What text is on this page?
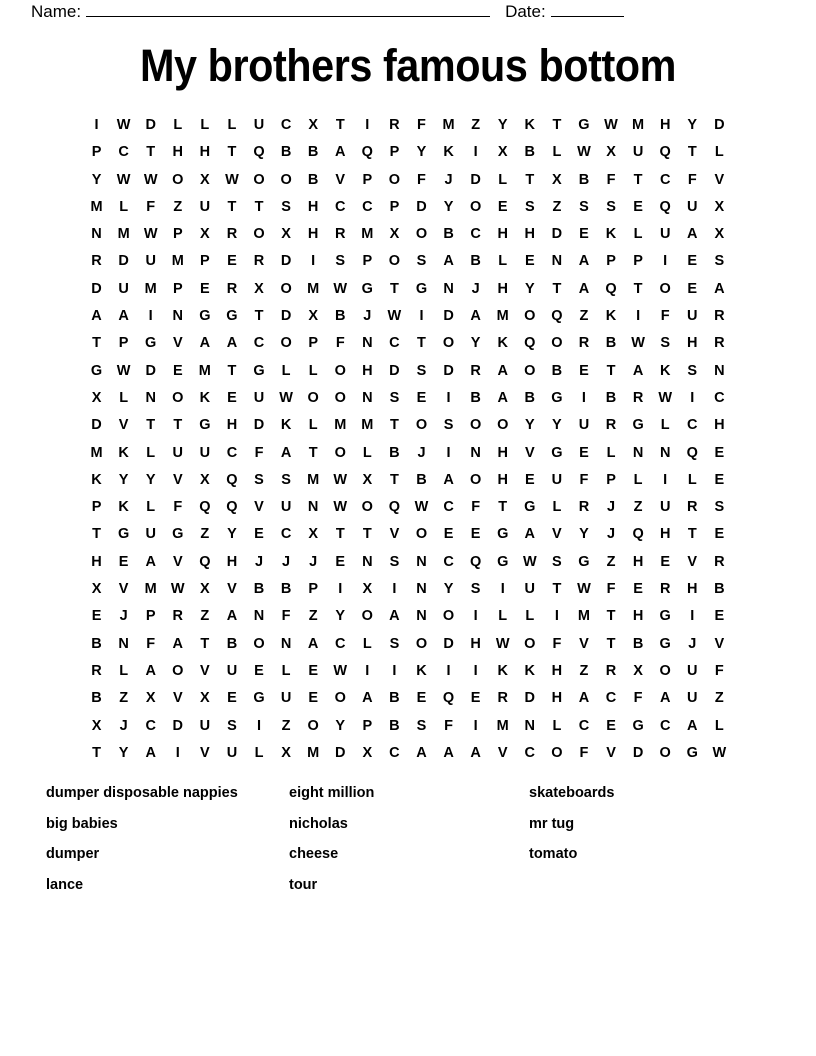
Name:	Date:
My brothers famous bottom
I	W	D	L	L	L	U	C	X	T	I	R	F	M	Z	Y	K	T	G	W M	H	Y	D
P	C	T	H	H	T	Q	B	B	A	Q	P	Y	K	I	X	B	L	W	X	U	Q	T	L
Y	W W	O	X	W	O	O	B	V	P	O	F	J	D	L	T	X	B	F	T	C	F	V
M	L	F	Z	U	T	T	S	H	C	C	P	D	Y	O	E	S	Z	S	S	E	Q	U	X
N	M W	P	X	R	O	X	H	R	M	X	O	B	C	H	H	D	E	K	L	U	A	X
R	D	U	M	P	E	R	D	I	S	P	O	S	A	B	L	E	N	A	P	P	I	E	S
D	U	M	P	E	R	X	O	M W	G	T	G	N	J	H	Y	T	A	Q	T	O	E	A
A	A	I	N	G	G	T	D	X	B	J	W	I	D	A	M	O	Q	Z	K	I	F	U	R
T	P	G	V	A	A	C	O	P	F	N	C	T	O	Y	K	Q	O	R	B	W	S	H	R
G	W	D	E	M	T	G	L	L	O	H	D	S	D	R	A	O	B	E	T	A	K	S	N
X	L	N	O	K	E	U	W	O	O	N	S	E	I	B	A	B	G	I	B	R	W	I	C
D	V	T	T	G	H	D	K	L	M	M	T	O	S	O	O	Y	Y	U	R	G	L	C	H
M	K	L	U	U	C	F	A	T	O	L	B	J	I	N	H	V	G	E	L	N	N	Q	E
K	Y	Y	V	X	Q	S	S	M W	X	T	B	A	O	H	E	U	F	P	L	I	L	E
P	K	L	F	Q	Q	V	U	N	W	O	Q	W	C	F	T	G	L	R	J	Z	U	R	S
T	G	U	G	Z	Y	E	C	X	T	T	V	O	E	E	G	A	V	Y	J	Q	H	T	E
H	E	A	V	Q	H	J	J	J	E	N	S	N	C	Q	G	W	S	G	Z	H	E	V	R
X	V	M W	X	V	B	B	P	I	X	I	N	Y	S	I	U	T	W	F	E	R	H	B
E	J	P	R	Z	A	N	F	Z	Y	O	A	N	O	I	L	L	I	M	T	H	G	I	E
B	N	F	A	T	B	O	N	A	C	L	S	O	D	H	W	O	F	V	T	B	G	J	V
R	L	A	O	V	U	E	L	E	W	I	I	K	I	I	K	K	H	Z	R	X	O	U	F
B	Z	X	V	X	E	G	U	E	O	A	B	E	Q	E	R	D	H	A	C	F	A	U	Z
X	J	C	D	U	S	I	Z	O	Y	P	B	S	F	I	M	N	L	C	E	G	C	A	L
T	Y	A	I	V	U	L	X	M	D	X	C	A	A	A	V	C	O	F	V	D	O	G	W
dumper disposable nappies	eight million	skateboards
big babies	nicholas	mr tug
dumper	cheese	tomato
lance	tour
